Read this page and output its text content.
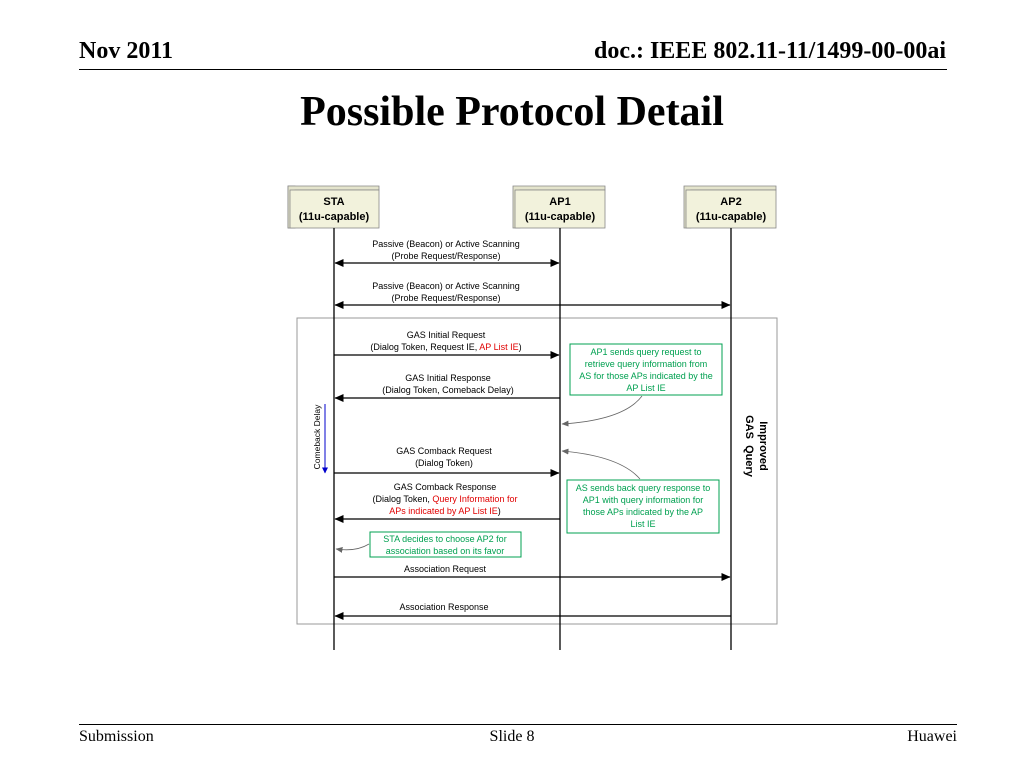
Nov 2011	doc.: IEEE 802.11-11/1499-00-00ai
Possible Protocol Detail
STA
(11u-capable)
AP1
(11u-capable)
AP2
(11u-capable)
Passive (Beacon) or Active Scanning
(Probe Request/Response)
Passive (Beacon) or Active Scanning
(Probe Request/Response)
GAS Initial Request
(Dialog Token, Request IE, AP List IE)
GAS Initial Response
(Dialog Token, Comeback Delay)
Comeback Delay	GAS Comback Request
(Dialog Token)
GAS Comback Response
(Dialog Token, Query Information for
APs indicated by AP List IE)
AP1 sends query request to
retrieve query information from
AS for those APs indicated by the
AP List IE
AS sends back query response to
AP1 with query information for
those APs indicated by the AP
List IE
STA decides to choose AP2 for
association based on its favor
Association Request
Association Response
Improved
GAS  Query
Submission	Slide 8	Huawei
